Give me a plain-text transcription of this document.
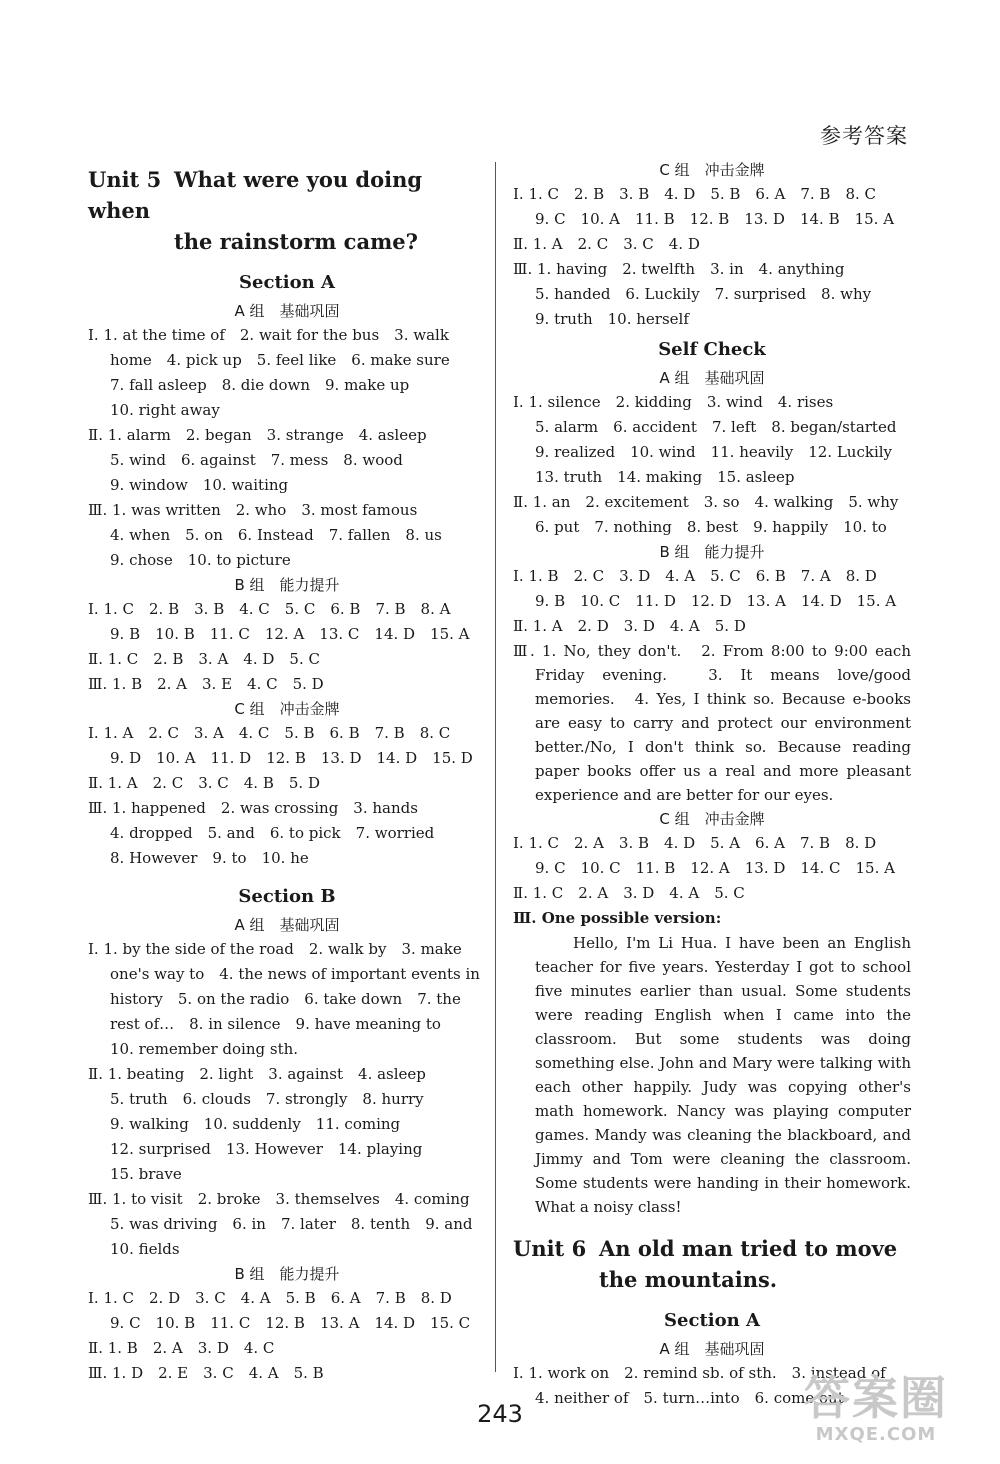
参考答案
Unit 5 What were you doing when
the rainstorm came?
Section A
A 组　基础巩固
Ⅰ. 1. at the time of　2. wait for the bus　3. walk
home　4. pick up　5. feel like　6. make sure
7. fall asleep　8. die down　9. make up
10. right away
Ⅱ. 1. alarm　2. began　3. strange　4. asleep
5. wind　6. against　7. mess　8. wood
9. window　10. waiting
Ⅲ. 1. was written　2. who　3. most famous
4. when　5. on　6. Instead　7. fallen　8. us
9. chose　10. to picture
B 组　能力提升
Ⅰ. 1. C　2. B　3. B　4. C　5. C　6. B　7. B　8. A
9. B　10. B　11. C　12. A　13. C　14. D　15. A
Ⅱ. 1. C　2. B　3. A　4. D　5. C
Ⅲ. 1. B　2. A　3. E　4. C　5. D
C 组　冲击金牌
Ⅰ. 1. A　2. C　3. A　4. C　5. B　6. B　7. B　8. C
9. D　10. A　11. D　12. B　13. D　14. D　15. D
Ⅱ. 1. A　2. C　3. C　4. B　5. D
Ⅲ. 1. happened　2. was crossing　3. hands
4. dropped　5. and　6. to pick　7. worried
8. However　9. to　10. he
Section B
A 组　基础巩固
Ⅰ. 1. by the side of the road　2. walk by　3. make
one's way to　4. the news of important events in
history　5. on the radio　6. take down　7. the
rest of…　8. in silence　9. have meaning to
10. remember doing sth.
Ⅱ. 1. beating　2. light　3. against　4. asleep
5. truth　6. clouds　7. strongly　8. hurry
9. walking　10. suddenly　11. coming
12. surprised　13. However　14. playing
15. brave
Ⅲ. 1. to visit　2. broke　3. themselves　4. coming
5. was driving　6. in　7. later　8. tenth　9. and
10. fields
B 组　能力提升
Ⅰ. 1. C　2. D　3. C　4. A　5. B　6. A　7. B　8. D
9. C　10. B　11. C　12. B　13. A　14. D　15. C
Ⅱ. 1. B　2. A　3. D　4. C
Ⅲ. 1. D　2. E　3. C　4. A　5. B
C 组　冲击金牌
Ⅰ. 1. C　2. B　3. B　4. D　5. B　6. A　7. B　8. C
9. C　10. A　11. B　12. B　13. D　14. B　15. A
Ⅱ. 1. A　2. C　3. C　4. D
Ⅲ. 1. having　2. twelfth　3. in　4. anything
5. handed　6. Luckily　7. surprised　8. why
9. truth　10. herself
Self Check
A 组　基础巩固
Ⅰ. 1. silence　2. kidding　3. wind　4. rises
5. alarm　6. accident　7. left　8. began/started
9. realized　10. wind　11. heavily　12. Luckily
13. truth　14. making　15. asleep
Ⅱ. 1. an　2. excitement　3. so　4. walking　5. why
6. put　7. nothing　8. best　9. happily　10. to
B 组　能力提升
Ⅰ. 1. B　2. C　3. D　4. A　5. C　6. B　7. A　8. D
9. B　10. C　11. D　12. D　13. A　14. D　15. A
Ⅱ. 1. A　2. D　3. D　4. A　5. D
Ⅲ. 1. No, they don't.　2. From 8:00 to 9:00 each Friday evening.　3. It means love/good memories.　4. Yes, I think so. Because e-books are easy to carry and protect our environment better./No, I don't think so. Because reading paper books offer us a real and more pleasant experience and are better for our eyes.
C 组　冲击金牌
Ⅰ. 1. C　2. A　3. B　4. D　5. A　6. A　7. B　8. D
9. C　10. C　11. B　12. A　13. D　14. C　15. A
Ⅱ. 1. C　2. A　3. D　4. A　5. C
Ⅲ. One possible version:
Hello, I'm Li Hua. I have been an English teacher for five years. Yesterday I got to school five minutes earlier than usual. Some students were reading English when I came into the classroom. But some students was doing something else. John and Mary were talking with each other happily. Judy was copying other's math homework. Nancy was playing computer games. Mandy was cleaning the blackboard, and Jimmy and Tom were cleaning the classroom. Some students were handing in their homework. What a noisy class!
Unit 6 An old man tried to move
the mountains.
Section A
A 组　基础巩固
Ⅰ. 1. work on　2. remind sb. of sth.　3. instead of
4. neither of　5. turn…into　6. come out
243	答案圈
MXQE.COM
